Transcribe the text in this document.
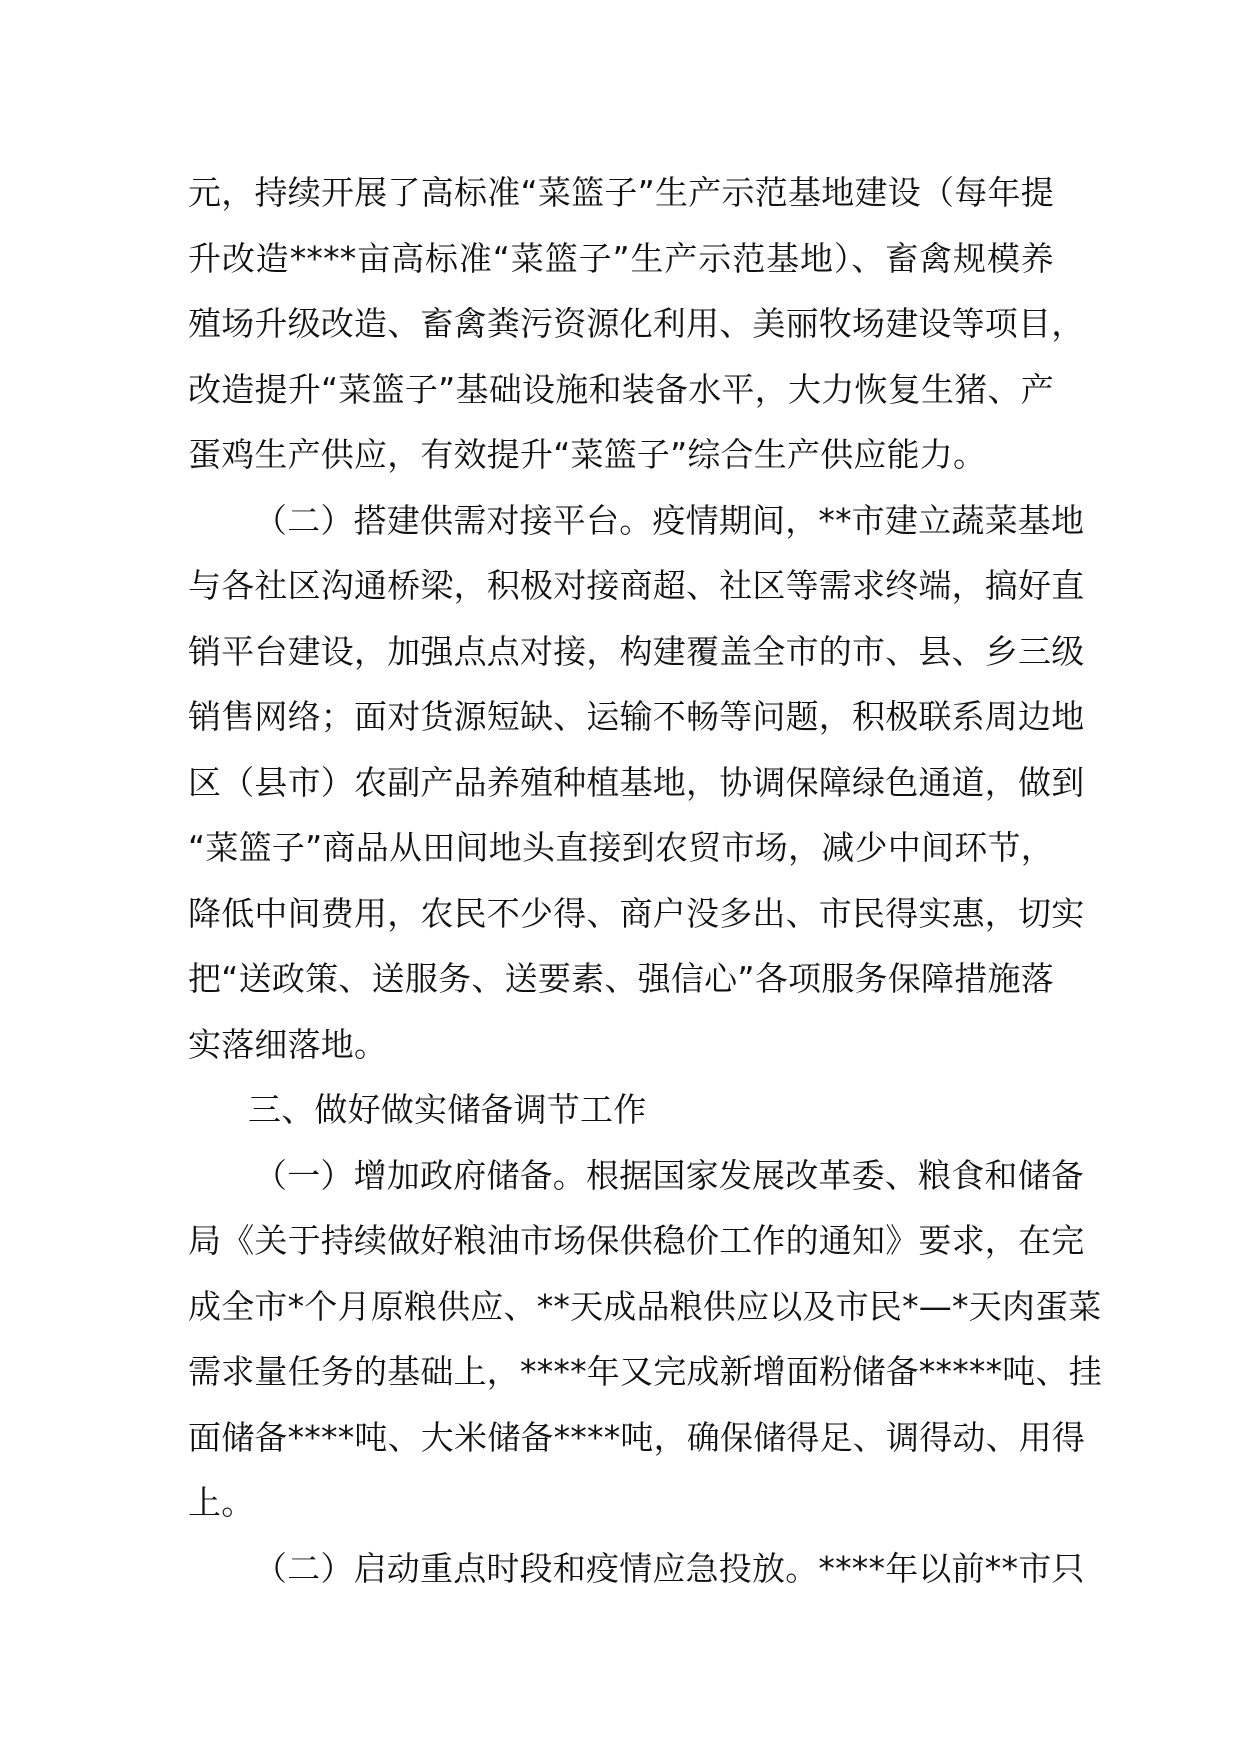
元，持续开展了高标准“菜篮子”生产示范基地建设（每年提
升改造****亩高标准“菜篮子”生产示范基地）、畜禽规模养
殖场升级改造、畜禽粪污资源化利用、美丽牧场建设等项目，
改造提升“菜篮子”基础设施和装备水平，大力恢复生猪、产
蛋鸡生产供应，有效提升“菜篮子”综合生产供应能力。
（二）搭建供需对接平台。疫情期间，**市建立蔬菜基地
与各社区沟通桥梁，积极对接商超、社区等需求终端，搞好直
销平台建设，加强点点对接，构建覆盖全市的市、县、乡三级
销售网络；面对货源短缺、运输不畅等问题，积极联系周边地
区（县市）农副产品养殖种植基地，协调保障绿色通道，做到
“菜篮子”商品从田间地头直接到农贸市场，减少中间环节，
降低中间费用，农民不少得、商户没多出、市民得实惠，切实
把“送政策、送服务、送要素、强信心”各项服务保障措施落
实落细落地。
三、做好做实储备调节工作
（一）增加政府储备。根据国家发展改革委、粮食和储备
局《关于持续做好粮油市场保供稳价工作的通知》要求，在完
成全市*个月原粮供应、**天成品粮供应以及市民*—*天肉蛋菜
需求量任务的基础上，****年又完成新增面粉储备*****吨、挂
面储备****吨、大米储备****吨，确保储得足、调得动、用得
上。
（二）启动重点时段和疫情应急投放。****年以前**市只
